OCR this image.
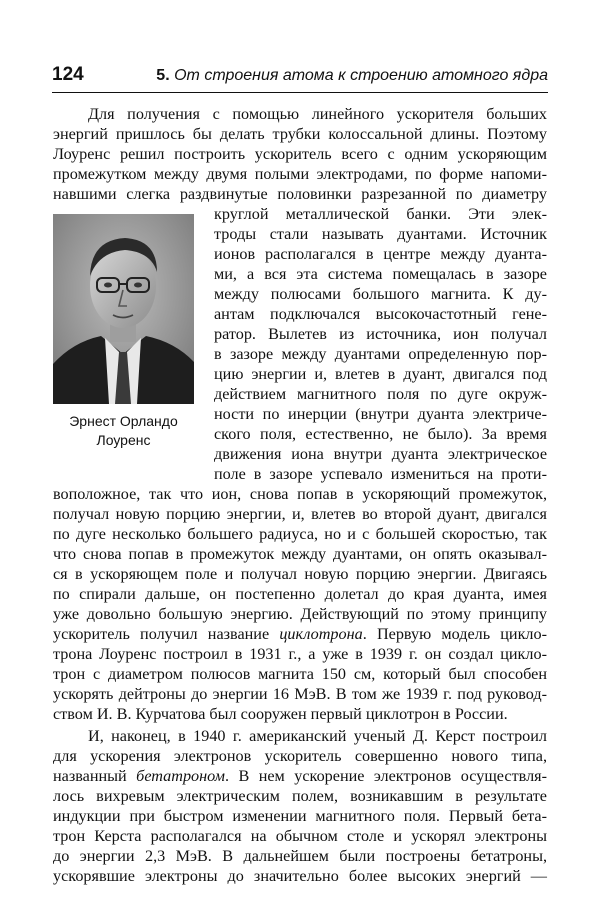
124	5. От строения атома к строению атомного ядра
Эрнест Орландо
Лоуренс
Для получения с помощью линейного ускорителя больших
энергий пришлось бы делать трубки колоссальной длины. Поэтому
Лоуренс решил построить ускоритель всего с одним ускоряющим
промежутком между двумя полыми электродами, по форме напоми-
навшими слегка раздвинутые половинки разрезанной по диаметру
круглой металлической банки. Эти элек-
троды стали называть дуантами. Источник
ионов располагался в центре между дуанта-
ми, а вся эта система помещалась в зазоре
между полюсами большого магнита. К ду-
антам подключался высокочастотный гене-
ратор. Вылетев из источника, ион получал
в зазоре между дуантами определенную пор-
цию энергии и, влетев в дуант, двигался под
действием магнитного поля по дуге окруж-
ности по инерции (внутри дуанта электриче-
ского поля, естественно, не было). За время
движения иона внутри дуанта электрическое
поле в зазоре успевало измениться на проти-
воположное, так что ион, снова попав в ускоряющий промежуток,
получал новую порцию энергии, и, влетев во второй дуант, двигался
по дуге несколько большего радиуса, но и с большей скоростью, так
что снова попав в промежуток между дуантами, он опять оказывал-
ся в ускоряющем поле и получал новую порцию энергии. Двигаясь
по спирали дальше, он постепенно долетал до края дуанта, имея
уже довольно большую энергию. Действующий по этому принципу
ускоритель получил название циклотрона. Первую модель цикло-
трона Лоуренс построил в 1931 г., а уже в 1939 г. он создал цикло-
трон с диаметром полюсов магнита 150 см, который был способен
ускорять дейтроны до энергии 16 МэВ. В том же 1939 г. под руковод-
ством И. В. Курчатова был сооружен первый циклотрон в России.
И, наконец, в 1940 г. американский ученый Д. Керст построил
для ускорения электронов ускоритель совершенно нового типа,
названный бетатроном. В нем ускорение электронов осуществля-
лось вихревым электрическим полем, возникавшим в результате
индукции при быстром изменении магнитного поля. Первый бета-
трон Керста располагался на обычном столе и ускорял электроны
до энергии 2,3 МэВ. В дальнейшем были построены бетатроны,
ускорявшие электроны до значительно более высоких энергий —
